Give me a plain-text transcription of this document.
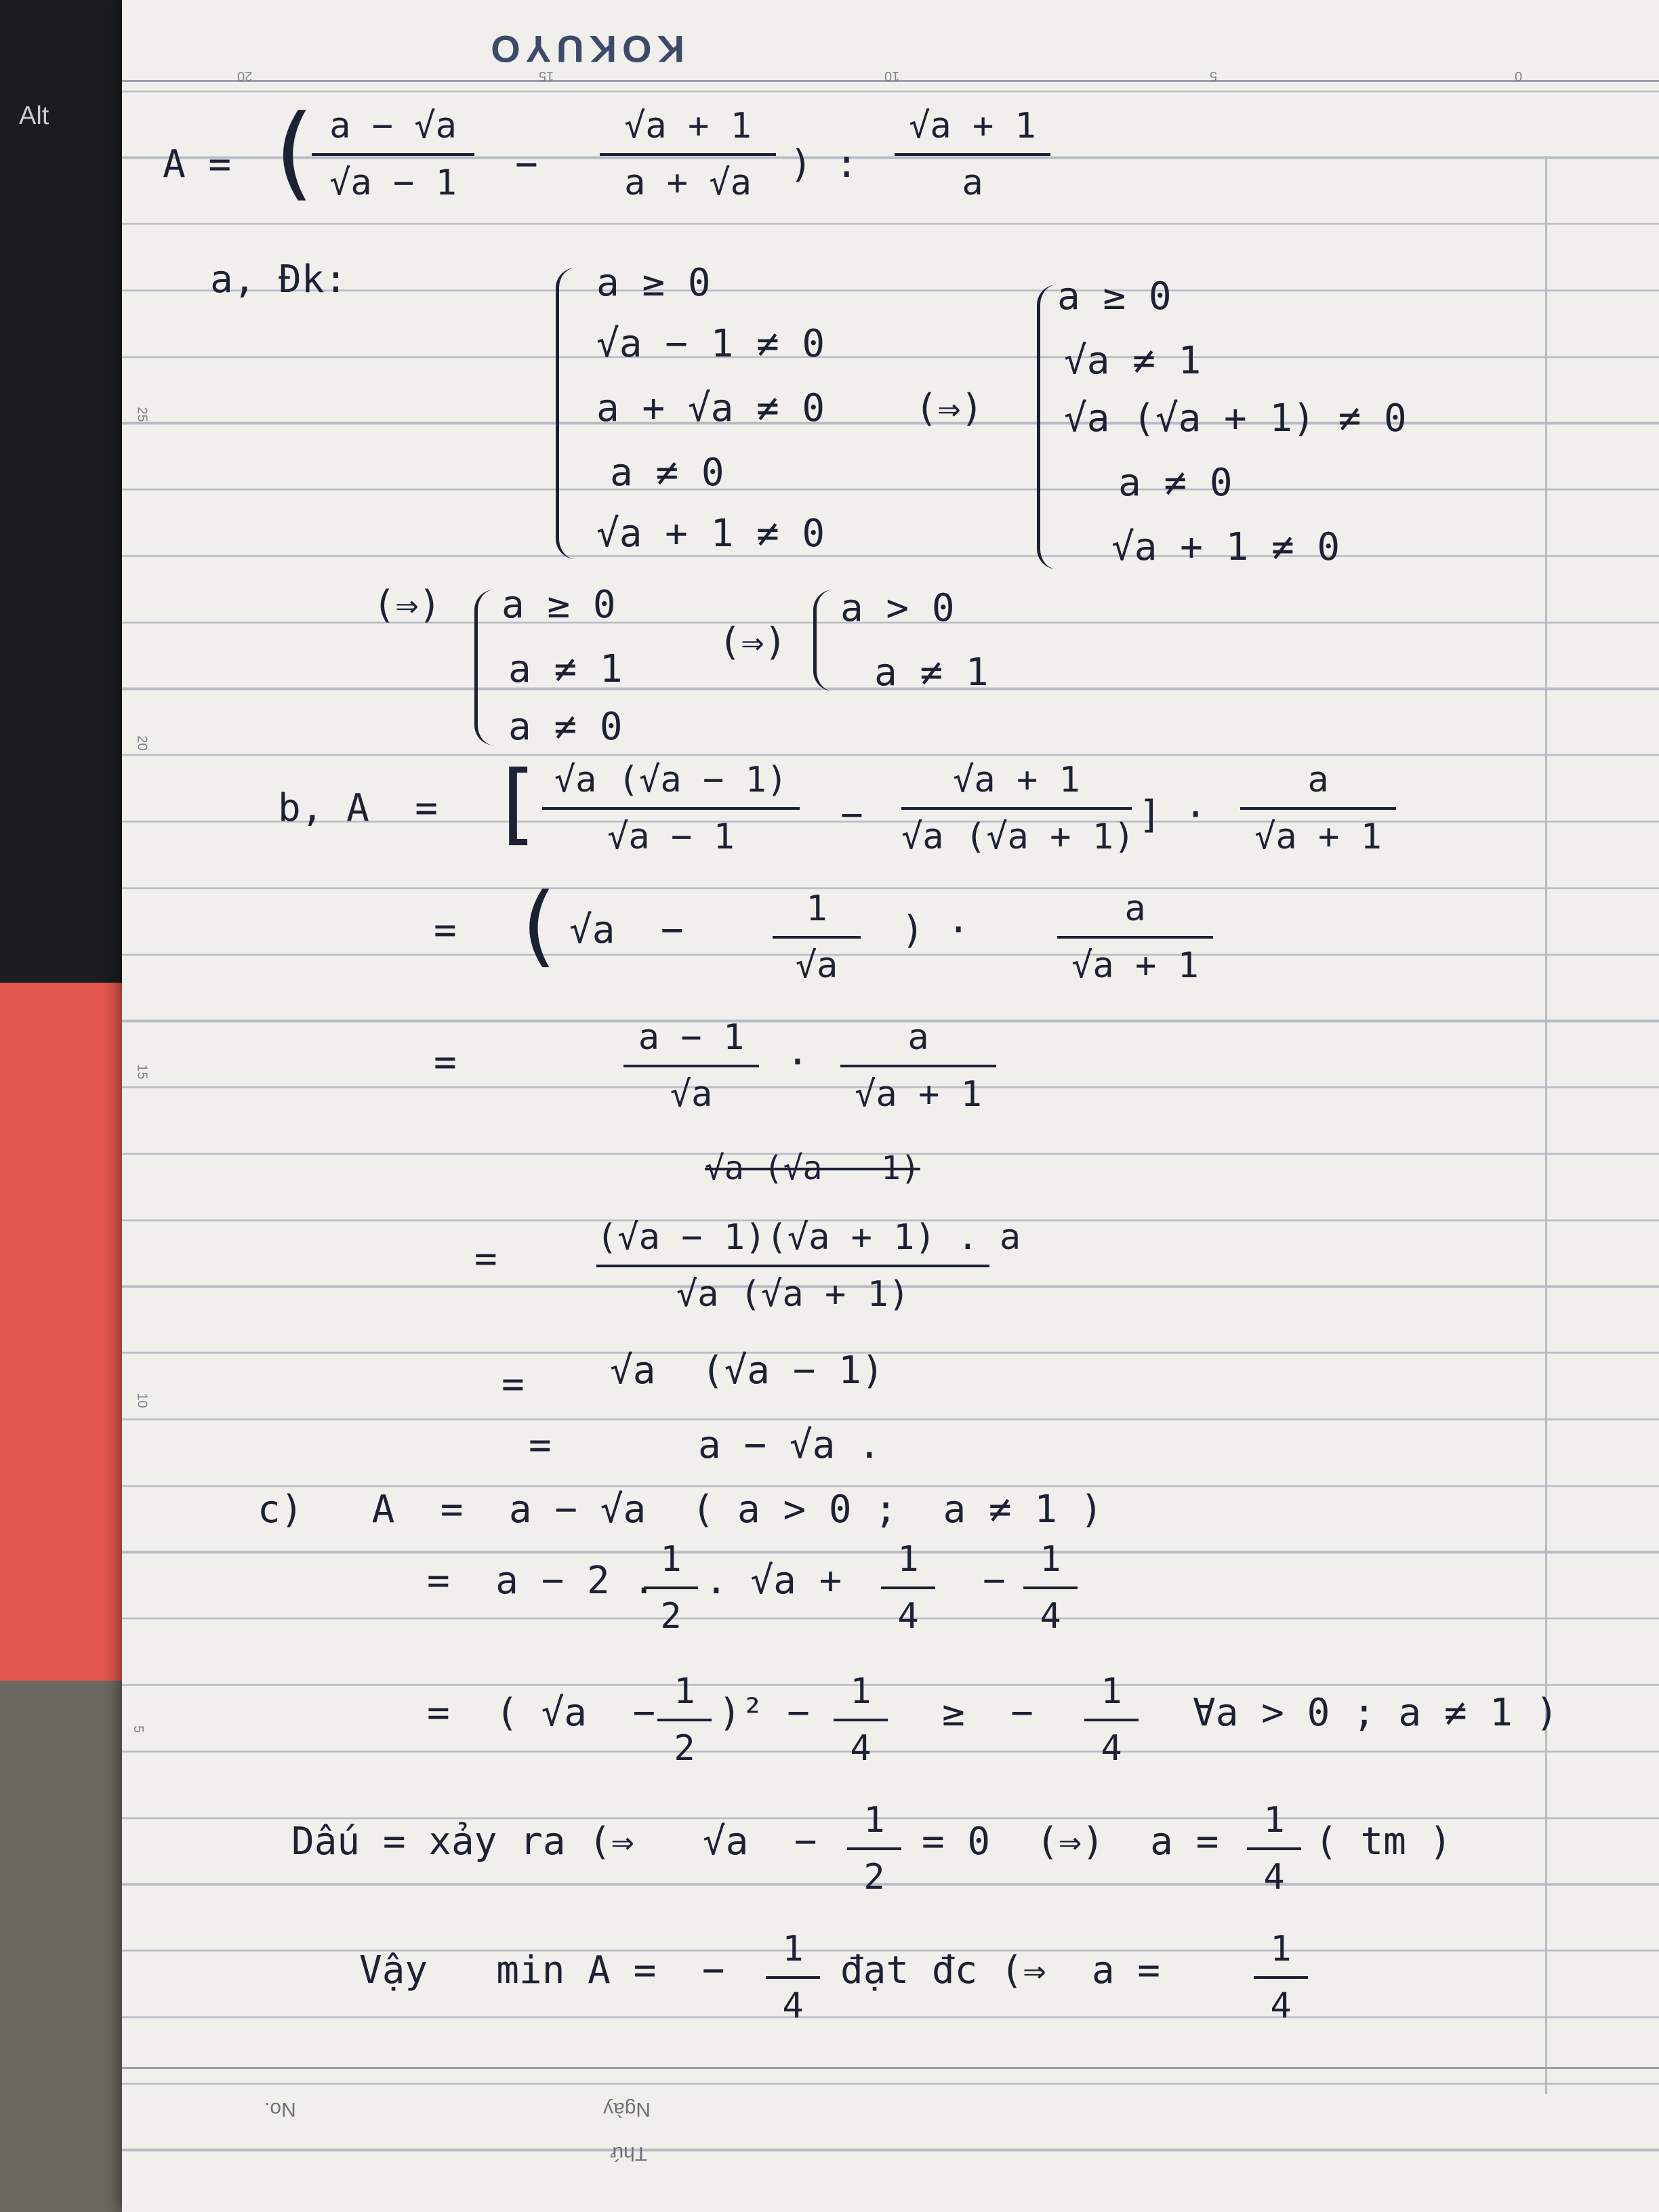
Alt
KOKUYO
20	15	10	5	0
25
20
15
10
5
No.	Ngày
Thứ
A = (
$\frac{a - √a}{√a - 1} - \frac{√a + 1}{a + √a}$ ) : $\frac{√a + 1}{a}$
a, Đk:	a ≥ 0
√a − 1 ≠ 0
a + √a ≠ 0
a ≠ 0
√a + 1 ≠ 0
(⇒)
a ≥ 0
√a ≠ 1
√a (√a + 1) ≠ 0
a ≠ 0
√a + 1 ≠ 0
(⇒) a ≥ 0
a ≠ 1
a ≠ 0
(⇒)
a > 0
a ≠ 1
b, A  = [ $\frac{√a (√a - 1)}{√a - 1} - \frac{√a + 1}{√a (√a + 1)}$ ] · $\frac{a}{√a + 1}$
= ( √a  −	$\frac{1}{√a}$ ) · $\frac{a}{√a + 1}$
=	$\frac{a - 1}{√a} \cdot \frac{a}{√a + 1}$
√a (√a − 1)
=	$\frac{(√a - 1)(√a + 1) . a}{√a (√a + 1)}$
= √a  (√a − 1)
=	a − √a .
c)   A  =  a − √a  ( a > 0 ;  a ≠ 1 )
=  a − 2 .
$\frac{1}{2}$ . $√a + \frac{1}{4} - \frac{1}{4}$
=  ( $√a - \frac{1}{2} )^2 - \frac{1}{4}$ ≥  − $\frac{1}{4}$ ∀a > 0 ; a ≠ 1 )
Dấu = xảy ra (⇒   $√a - \frac{1}{2} = 0$  (⇒)  $a = \frac{1}{4}$ ( tm )
Vậy   min A =  − $\frac{1}{4}$ đạt đc (⇒  a =	$\frac{1}{4}$
